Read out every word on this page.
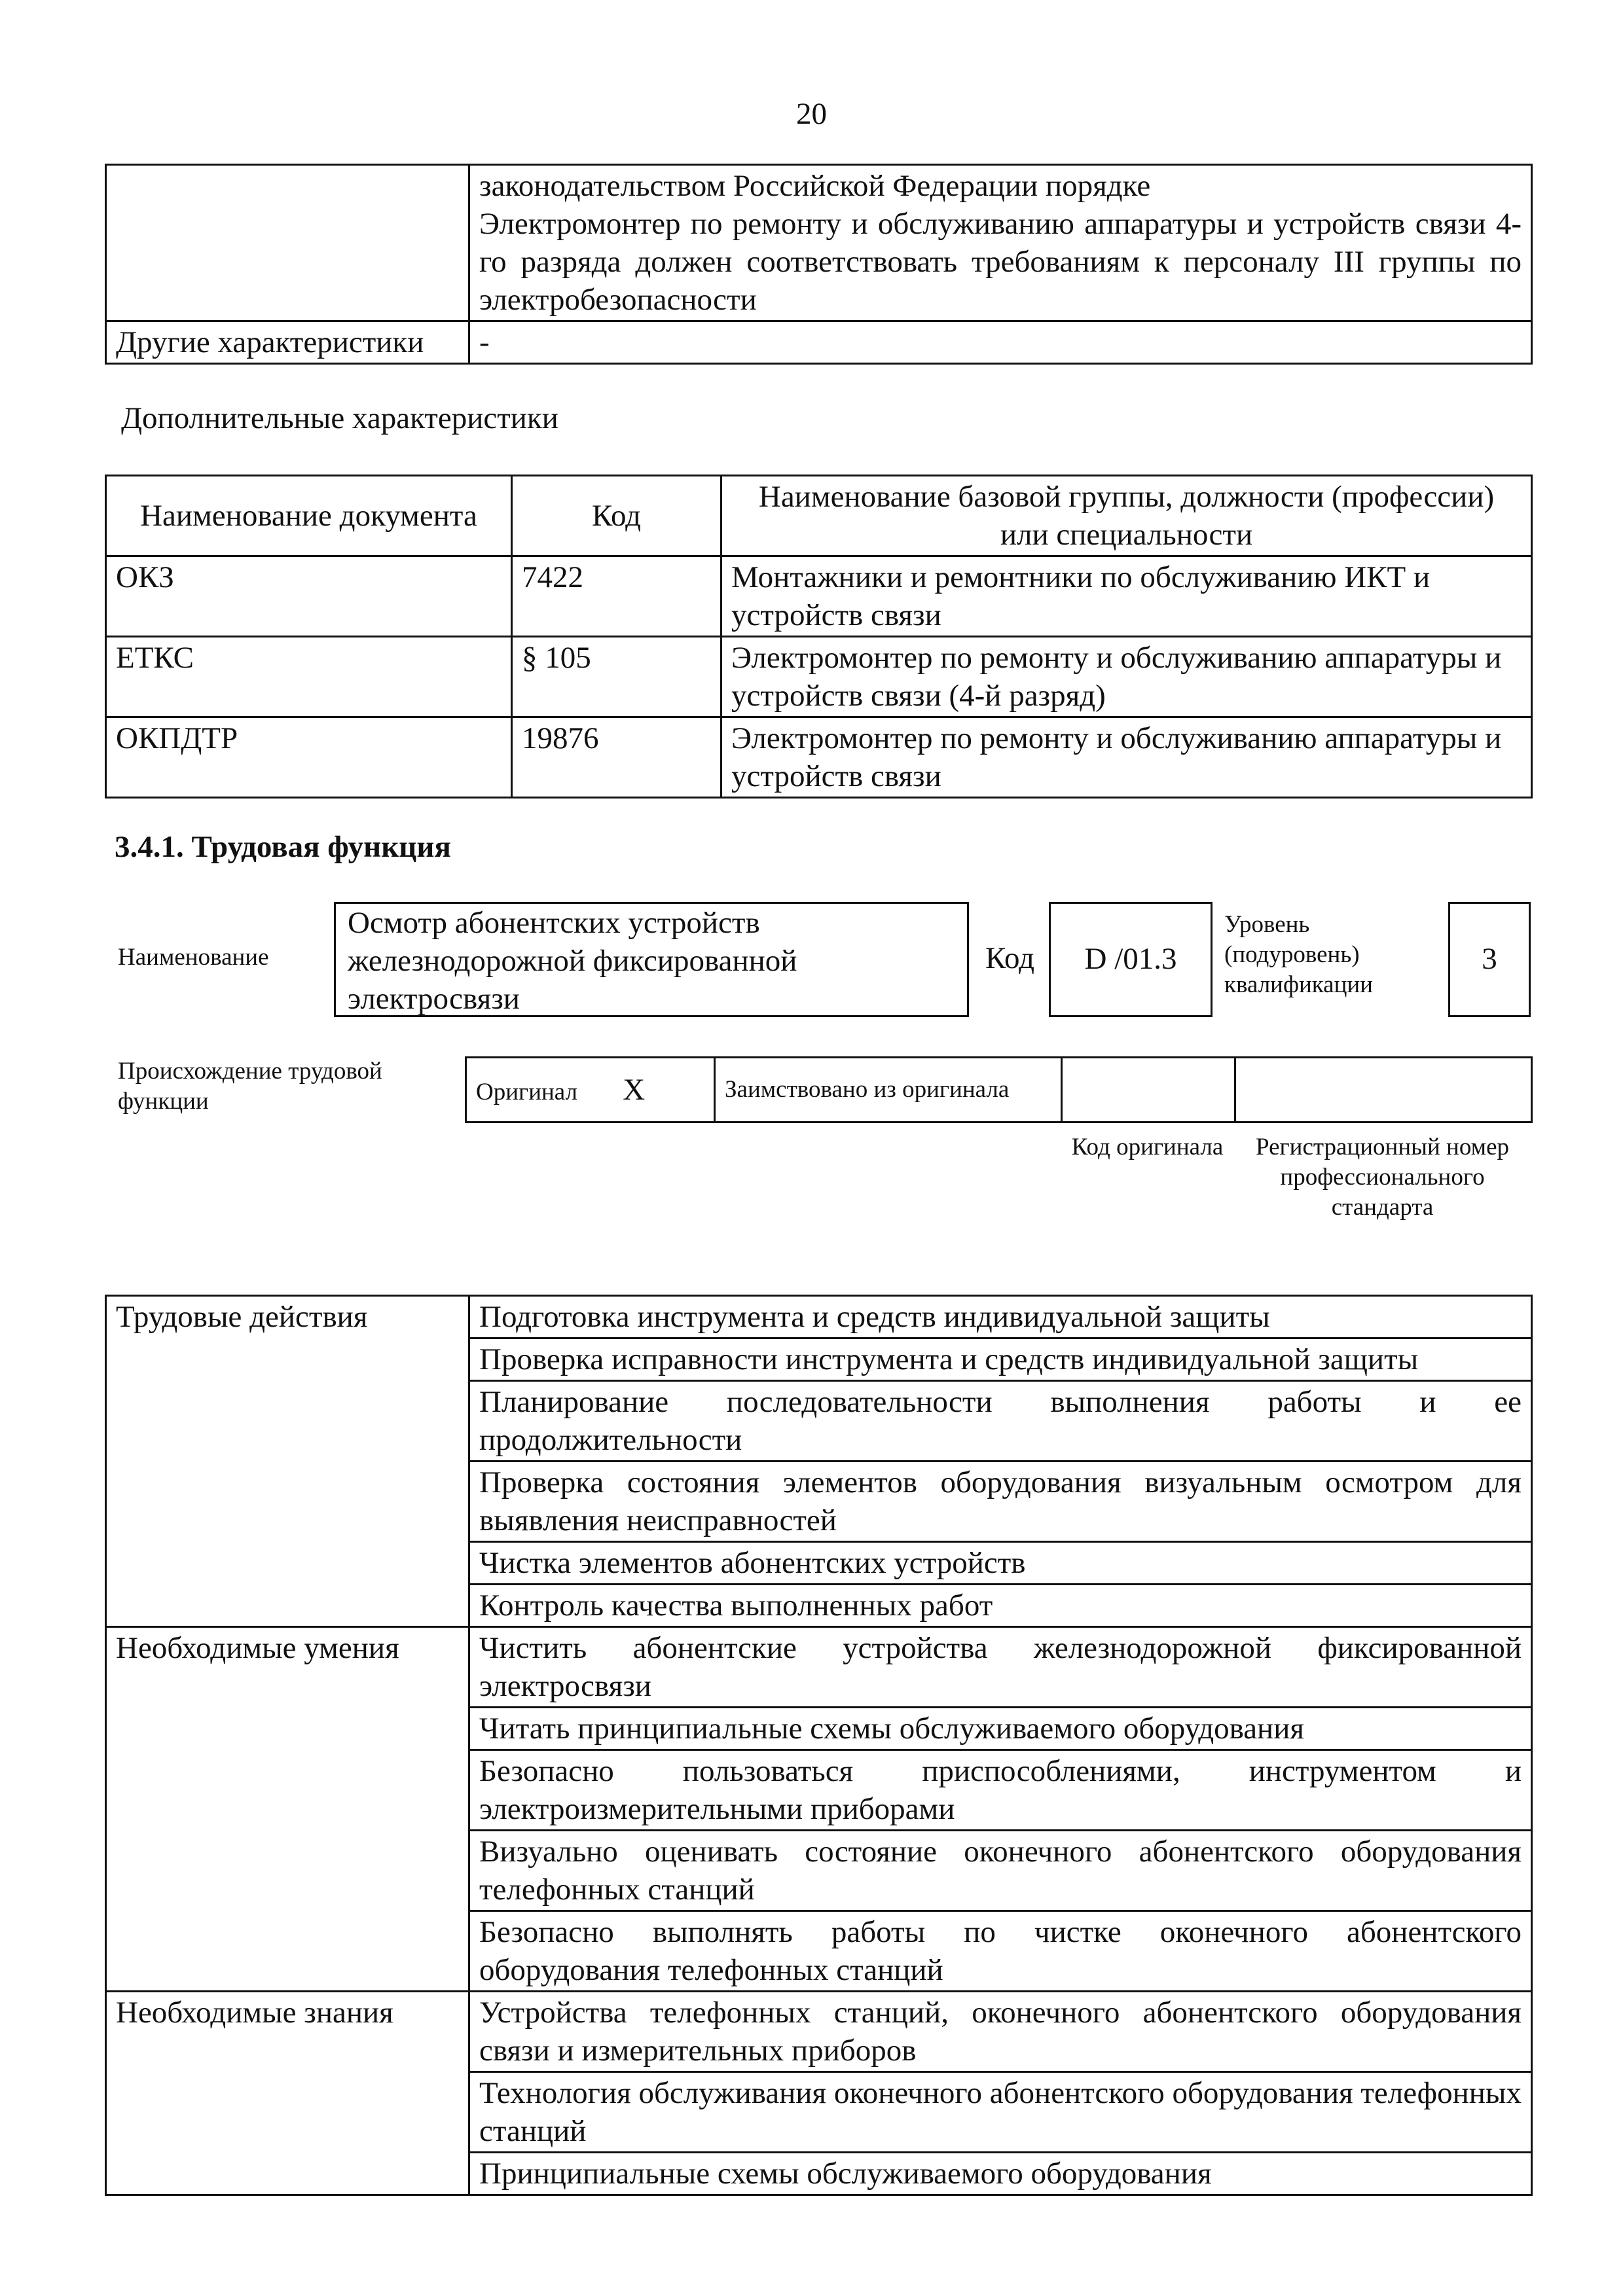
20

	законодательством Российской Федерации порядке
Электромонтер по ремонту и обслуживанию аппаратуры и устройств связи 4-го разряда должен соответствовать требованиям к персоналу III группы по электробезопасности

Другие характеристики	-
Дополнительные характеристики
Наименование документа	Код	Наименование базовой группы, должности (профессии) или специальности
ОКЗ	7422	Монтажники и ремонтники по обслуживанию ИКТ и устройств связи
ЕТКС	§ 105	Электромонтер по ремонту и обслуживанию аппаратуры и устройств связи (4-й разряд)
ОКПДТР	19876	Электромонтер по ремонту и обслуживанию аппаратуры и устройств связи
3.4.1. Трудовая функция
Наименование
Осмотр абонентских устройств железнодорожной фиксированной электросвязи
Код	D /01.3
Уровень (подуровень) квалификации
3
Происхождение трудовой функции	Оригинал X	Заимствовано из оригинала		
Код оригинала	Регистрационный номер профессионального стандарта
Трудовые действия	Подготовка инструмента и средств индивидуальной защиты
	Проверка исправности инструмента и средств индивидуальной защиты
	Планирование последовательности выполнения работы и ее продолжительности
	Проверка состояния элементов оборудования визуальным осмотром для выявления неисправностей
	Чистка элементов абонентских устройств
	Контроль качества выполненных работ
Необходимые умения	Чистить абонентские устройства железнодорожной фиксированной электросвязи
	Читать принципиальные схемы обслуживаемого оборудования
	Безопасно пользоваться приспособлениями, инструментом и электроизмерительными приборами
	Визуально оценивать состояние оконечного абонентского оборудования телефонных станций
	Безопасно выполнять работы по чистке оконечного абонентского оборудования телефонных станций
Необходимые знания	Устройства телефонных станций, оконечного абонентского оборудования связи и измерительных приборов
	Технология обслуживания оконечного абонентского оборудования телефонных станций
	Принципиальные схемы обслуживаемого оборудования
